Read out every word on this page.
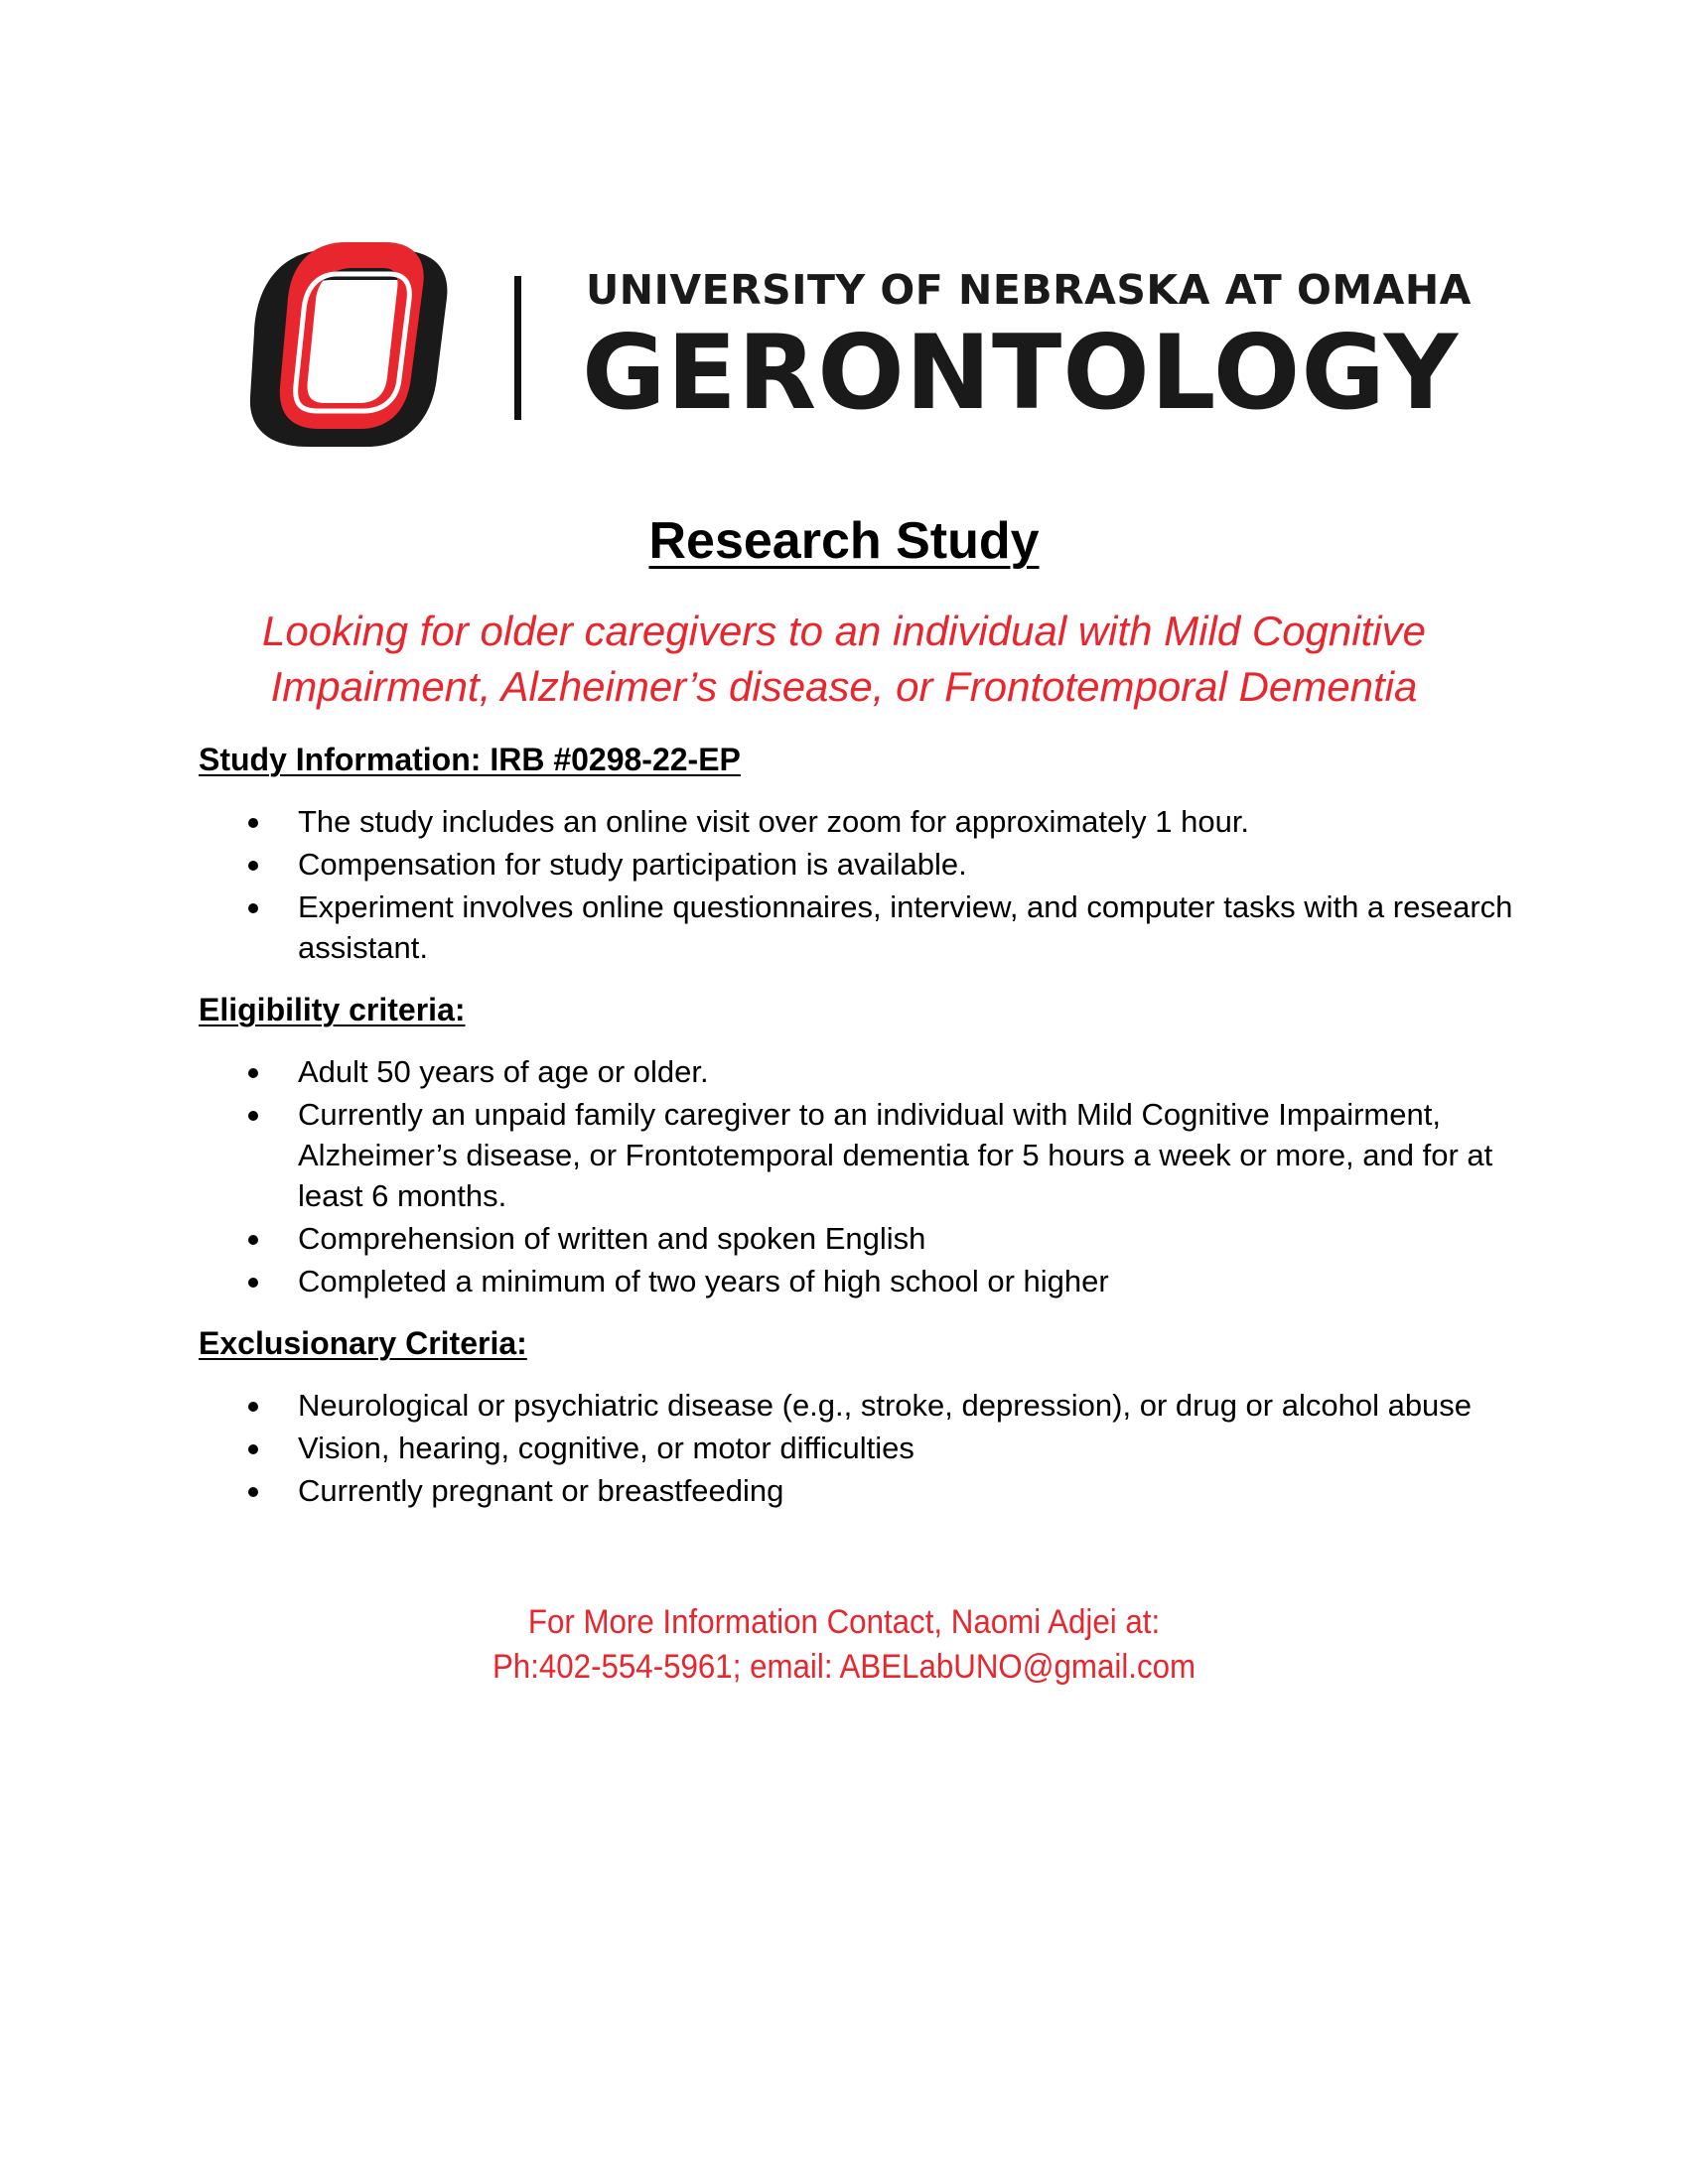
UNIVERSITY OF NEBRASKA AT OMAHA
GERONTOLOGY
Research Study
Looking for older caregivers to an individual with Mild Cognitive
Impairment, Alzheimer’s disease, or Frontotemporal Dementia
Study Information: IRB #0298-22-EP
The study includes an online visit over zoom for approximately 1 hour.
Compensation for study participation is available.
Experiment involves online questionnaires, interview, and computer tasks with a research assistant.
Eligibility criteria:
Adult 50 years of age or older.
Currently an unpaid family caregiver to an individual with Mild Cognitive Impairment, Alzheimer’s disease, or Frontotemporal dementia for 5 hours a week or more, and for at least 6 months.
Comprehension of written and spoken English
Completed a minimum of two years of high school or higher
Exclusionary Criteria:
Neurological or psychiatric disease (e.g., stroke, depression), or drug or alcohol abuse
Vision, hearing, cognitive, or motor difficulties
Currently pregnant or breastfeeding
For More Information Contact, Naomi Adjei at:
Ph:402-554-5961; email: ABELabUNO@gmail.com
